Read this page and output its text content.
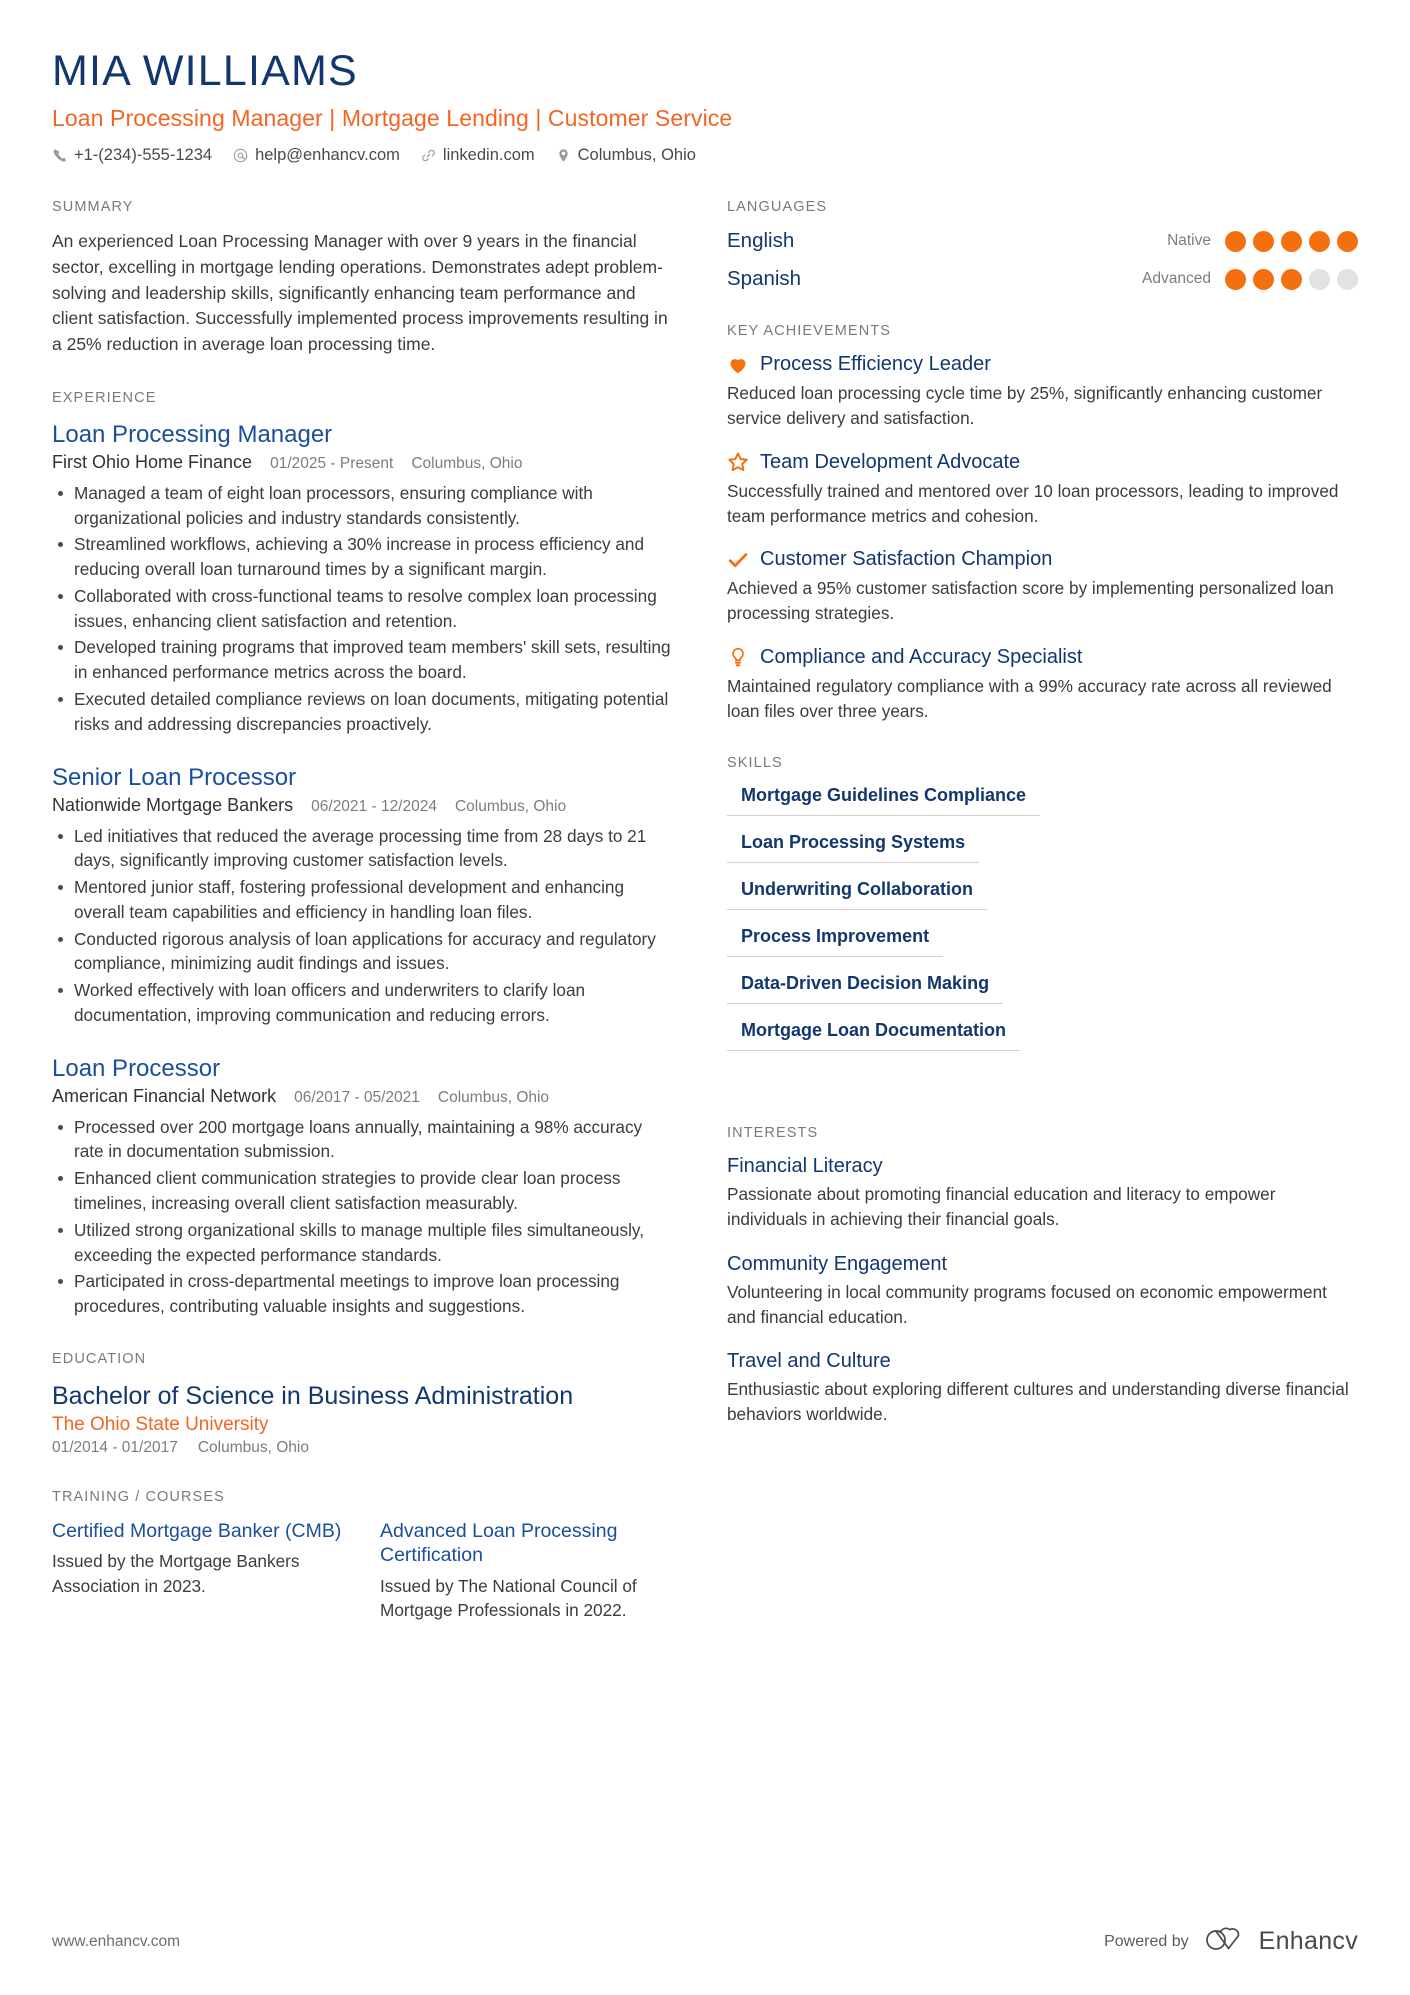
MIA WILLIAMS
Loan Processing Manager | Mortgage Lending | Customer Service
+1-(234)-555-1234	help@enhancv.com	linkedin.com	Columbus, Ohio
SUMMARY
An experienced Loan Processing Manager with over 9 years in the financial sector, excelling in mortgage lending operations. Demonstrates adept problem-solving and leadership skills, significantly enhancing team performance and client satisfaction. Successfully implemented process improvements resulting in a 25% reduction in average loan processing time.
EXPERIENCE
Loan Processing Manager
First Ohio Home Finance 01/2025 - Present Columbus, Ohio
Managed a team of eight loan processors, ensuring compliance with organizational policies and industry standards consistently.
Streamlined workflows, achieving a 30% increase in process efficiency and reducing overall loan turnaround times by a significant margin.
Collaborated with cross-functional teams to resolve complex loan processing issues, enhancing client satisfaction and retention.
Developed training programs that improved team members' skill sets, resulting in enhanced performance metrics across the board.
Executed detailed compliance reviews on loan documents, mitigating potential risks and addressing discrepancies proactively.
Senior Loan Processor
Nationwide Mortgage Bankers 06/2021 - 12/2024 Columbus, Ohio
Led initiatives that reduced the average processing time from 28 days to 21 days, significantly improving customer satisfaction levels.
Mentored junior staff, fostering professional development and enhancing overall team capabilities and efficiency in handling loan files.
Conducted rigorous analysis of loan applications for accuracy and regulatory compliance, minimizing audit findings and issues.
Worked effectively with loan officers and underwriters to clarify loan documentation, improving communication and reducing errors.
Loan Processor
American Financial Network 06/2017 - 05/2021 Columbus, Ohio
Processed over 200 mortgage loans annually, maintaining a 98% accuracy rate in documentation submission.
Enhanced client communication strategies to provide clear loan process timelines, increasing overall client satisfaction measurably.
Utilized strong organizational skills to manage multiple files simultaneously, exceeding the expected performance standards.
Participated in cross-departmental meetings to improve loan processing procedures, contributing valuable insights and suggestions.
EDUCATION
Bachelor of Science in Business Administration
The Ohio State University
01/2014 - 01/2017 Columbus, Ohio
TRAINING / COURSES
Certified Mortgage Banker (CMB)
Issued by the Mortgage Bankers Association in 2023.
Advanced Loan Processing Certification
Issued by The National Council of Mortgage Professionals in 2022.
LANGUAGES
English	Native
Spanish	Advanced
KEY ACHIEVEMENTS
Process Efficiency Leader
Reduced loan processing cycle time by 25%, significantly enhancing customer service delivery and satisfaction.
Team Development Advocate
Successfully trained and mentored over 10 loan processors, leading to improved team performance metrics and cohesion.
Customer Satisfaction Champion
Achieved a 95% customer satisfaction score by implementing personalized loan processing strategies.
Compliance and Accuracy Specialist
Maintained regulatory compliance with a 99% accuracy rate across all reviewed loan files over three years.
SKILLS
Mortgage Guidelines Compliance
Loan Processing Systems
Underwriting Collaboration
Process Improvement
Data-Driven Decision Making
Mortgage Loan Documentation
INTERESTS
Financial Literacy
Passionate about promoting financial education and literacy to empower individuals in achieving their financial goals.
Community Engagement
Volunteering in local community programs focused on economic empowerment and financial education.
Travel and Culture
Enthusiastic about exploring different cultures and understanding diverse financial behaviors worldwide.
www.enhancv.com	Powered by	Enhancv
